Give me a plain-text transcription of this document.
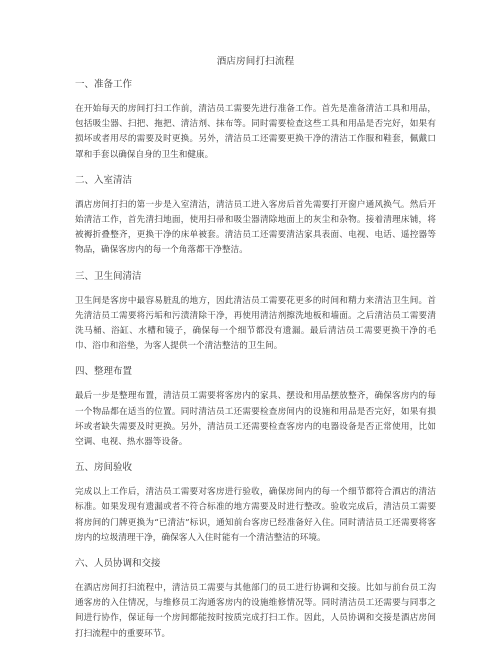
酒店房间打扫流程
一、准备工作
在开始每天的房间打扫工作前，清洁员工需要先进行准备工作。首先是准备清洁工具和用品，包括吸尘器、扫把、拖把、清洁剂、抹布等。同时需要检查这些工具和用品是否完好，如果有损坏或者用尽的需要及时更换。另外，清洁员工还需要更换干净的清洁工作服和鞋套，佩戴口罩和手套以确保自身的卫生和健康。
二、入室清洁
酒店房间打扫的第一步是入室清洁，清洁员工进入客房后首先需要打开窗户通风换气。然后开始清洁工作，首先清扫地面，使用扫帚和吸尘器清除地面上的灰尘和杂物。接着清理床铺，将被褥折叠整齐，更换干净的床单被套。清洁员工还需要清洁家具表面、电视、电话、遥控器等物品，确保客房内的每一个角落都干净整洁。
三、卫生间清洁
卫生间是客房中最容易脏乱的地方，因此清洁员工需要花更多的时间和精力来清洁卫生间。首先清洁员工需要将污垢和污渍清除干净，再使用清洁剂擦洗地板和墙面。之后清洁员工需要清洗马桶、浴缸、水槽和镜子，确保每一个细节都没有遗漏。最后清洁员工需要更换干净的毛巾、浴巾和浴垫，为客人提供一个清洁整洁的卫生间。
四、整理布置
最后一步是整理布置，清洁员工需要将客房内的家具、摆设和用品摆放整齐，确保客房内的每一个物品都在适当的位置。同时清洁员工还需要检查房间内的设施和用品是否完好，如果有损坏或者缺失需要及时更换。另外，清洁员工还需要检查客房内的电器设备是否正常使用，比如空调、电视、热水器等设备。
五、房间验收
完成以上工作后，清洁员工需要对客房进行验收，确保房间内的每一个细节都符合酒店的清洁标准。如果发现有遗漏或者不符合标准的地方需要及时进行整改。验收完成后，清洁员工需要将房间的门牌更换为“已清洁”标识，通知前台客房已经准备好入住。同时清洁员工还需要将客房内的垃圾清理干净，确保客人入住时能有一个清洁整洁的环境。
六、人员协调和交接
在酒店房间打扫流程中，清洁员工需要与其他部门的员工进行协调和交接。比如与前台员工沟通客房的入住情况，与维修员工沟通客房内的设施维修情况等。同时清洁员工还需要与同事之间进行协作，保证每一个房间都能按时按质完成打扫工作。因此，人员协调和交接是酒店房间打扫流程中的重要环节。
